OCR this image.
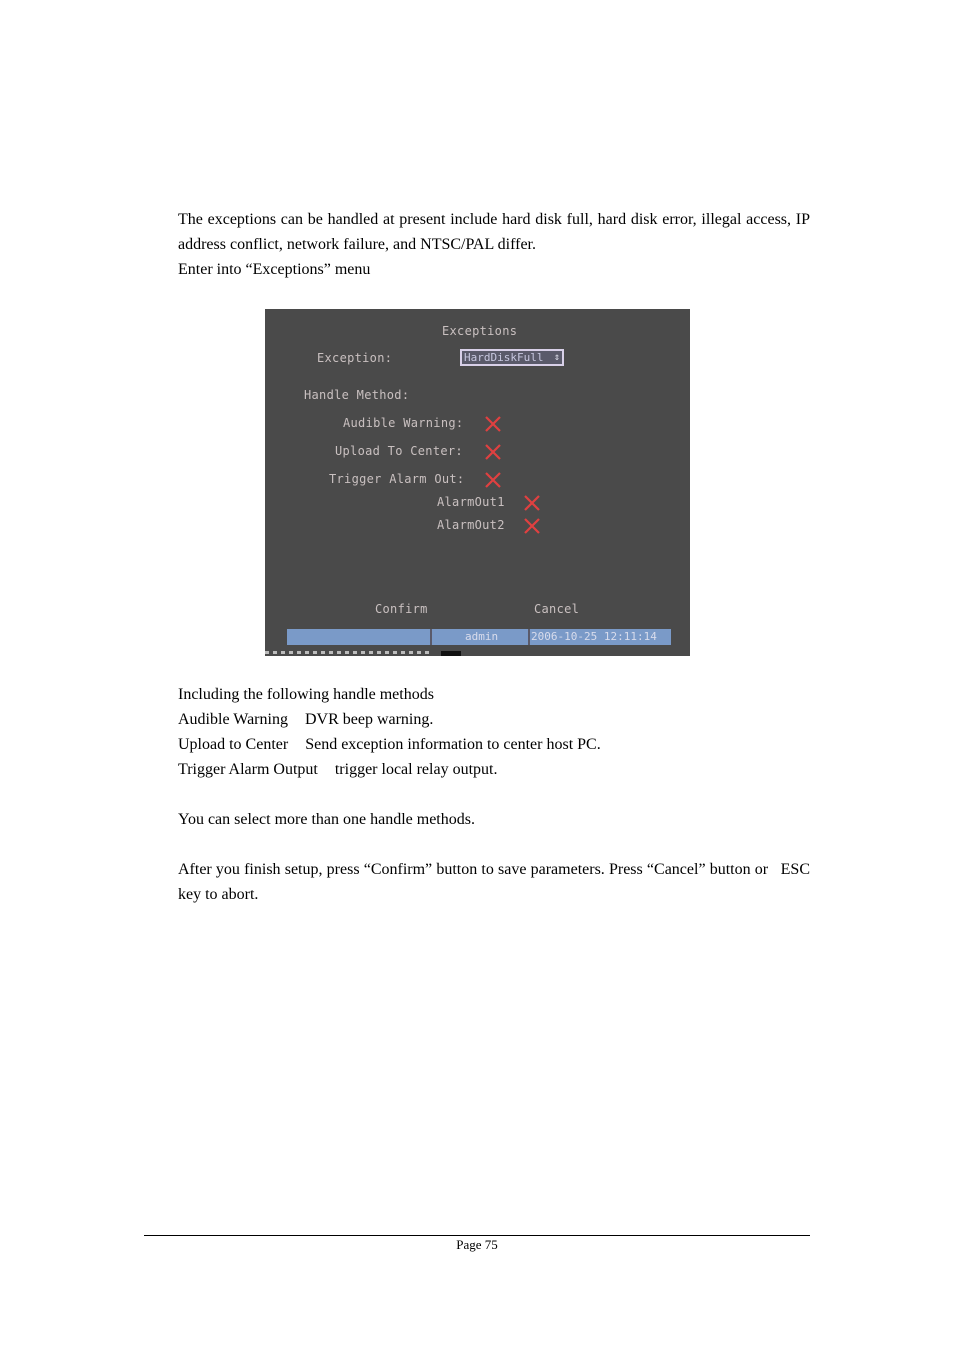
The exceptions can be handled at present include hard disk full, hard disk error, illegal access, IP address conflict, network failure, and NTSC/PAL differ.

Enter into “Exceptions” menu
Exceptions
Exception:	HardDiskFull ⇕
Handle Method:
Audible Warning:
Upload To Center:
Trigger Alarm Out:
AlarmOut1
AlarmOut2
Confirm	Cancel
admin	2006-10-25 12:11:14
Including the following handle methods
Audible Warning DVR beep warning.
Upload to Center Send exception information to center host PC.
Trigger Alarm Output trigger local relay output.
You can select more than one handle methods.

After you finish setup, press “Confirm” button to save parameters. Press “Cancel” button or   ESC    key to abort.

Page 75
